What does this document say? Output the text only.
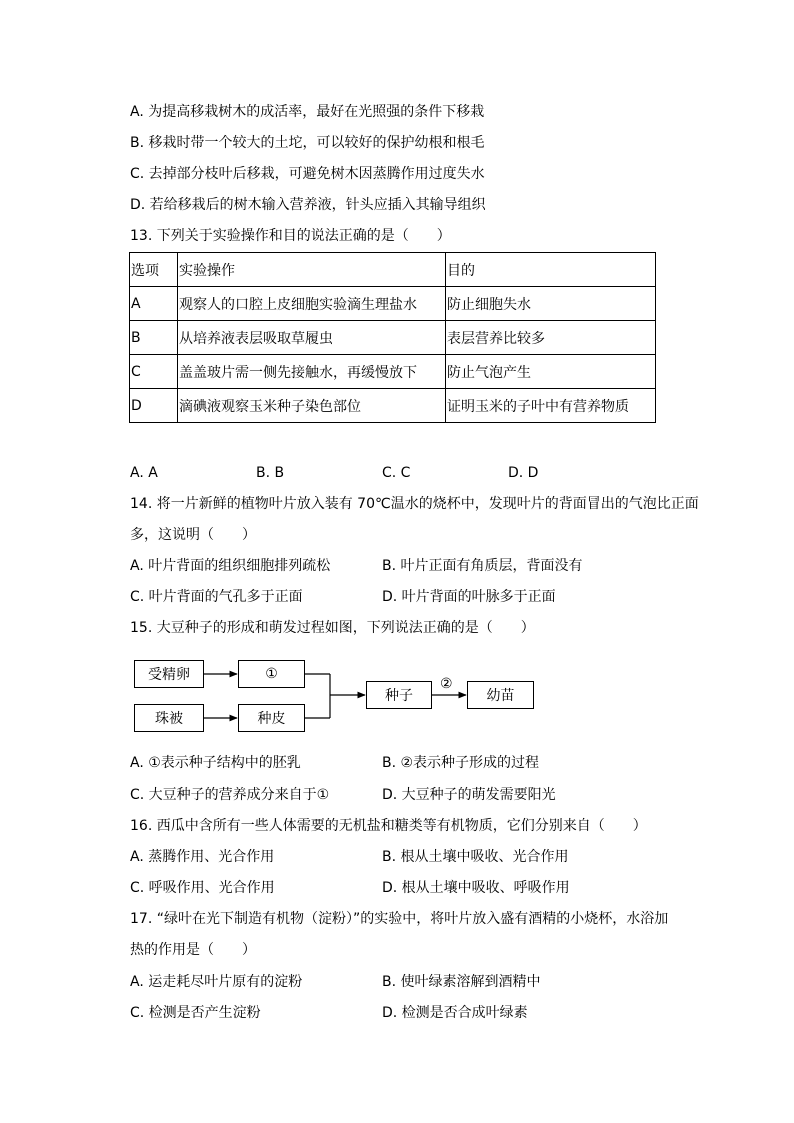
A. 为提高移栽树木的成活率，最好在光照强的条件下移栽
B. 移栽时带一个较大的土坨，可以较好的保护幼根和根毛
C. 去掉部分枝叶后移栽，可避免树木因蒸腾作用过度失水
D. 若给移栽后的树木输入营养液，针头应插入其输导组织
13. 下列关于实验操作和目的说法正确的是（　　）
选项	实验操作	目的
A	观察人的口腔上皮细胞实验滴生理盐水	防止细胞失水
B	从培养液表层吸取草履虫	表层营养比较多
C	盖盖玻片需一侧先接触水，再缓慢放下	防止气泡产生
D	滴碘液观察玉米种子染色部位	证明玉米的子叶中有营养物质
A. A	B. B	C. C	D. D
14. 将一片新鲜的植物叶片放入装有 70℃温水的烧杯中，发现叶片的背面冒出的气泡比正面
多，这说明（　　）
A. 叶片背面的组织细胞排列疏松	B. 叶片正面有角质层，背面没有
C. 叶片背面的气孔多于正面	D. 叶片背面的叶脉多于正面
15. 大豆种子的形成和萌发过程如图，下列说法正确的是（　　）
受精卵	①
珠被	种皮
种子
②
幼苗
A. ①表示种子结构中的胚乳	B. ②表示种子形成的过程
C. 大豆种子的营养成分来自于①	D. 大豆种子的萌发需要阳光
16. 西瓜中含所有一些人体需要的无机盐和糖类等有机物质，它们分别来自（　　）
A. 蒸腾作用、光合作用	B. 根从土壤中吸收、光合作用
C. 呼吸作用、光合作用	D. 根从土壤中吸收、呼吸作用
17. “绿叶在光下制造有机物（淀粉）”的实验中，将叶片放入盛有酒精的小烧杯，水浴加
热的作用是（　　）
A. 运走耗尽叶片原有的淀粉	B. 使叶绿素溶解到酒精中
C. 检测是否产生淀粉	D. 检测是否合成叶绿素
